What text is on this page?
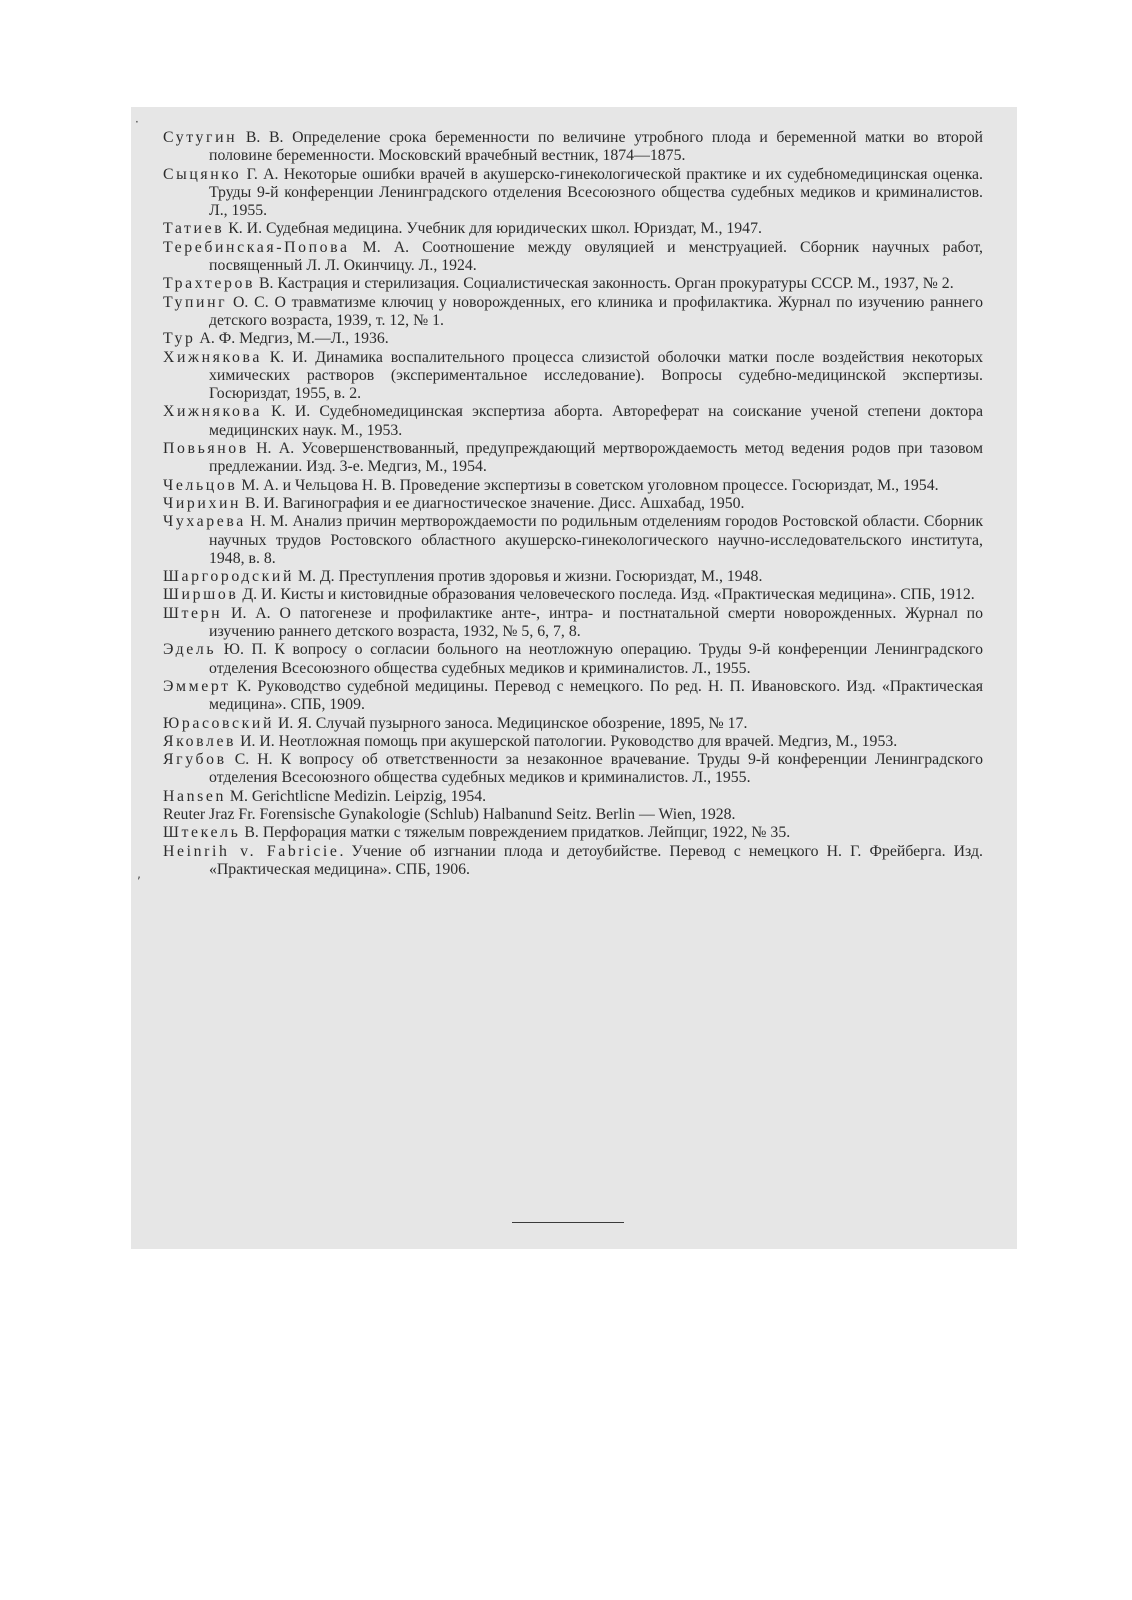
·
‚
Сутугин В. В. Определение срока беременности по величине утробного плода и беременной матки во второй половине беременности. Московский врачебный вестник, 1874—1875.
Сыцянко Г. А. Некоторые ошибки врачей в акушерско-гинекологической практике и их судебномедицинская оценка. Труды 9-й конференции Ленинградского отделения Всесоюзного общества судебных медиков и криминалистов. Л., 1955.
Татиев К. И. Судебная медицина. Учебник для юридических школ. Юриздат, М., 1947.
Теребинская-Попова М. А. Соотношение между овуляцией и менструацией. Сборник научных работ, посвященный Л. Л. Окинчицу. Л., 1924.
Трахтеров В. Кастрация и стерилизация. Социалистическая законность. Орган прокуратуры СССР. М., 1937, № 2.
Тупинг О. С. О травматизме ключиц у новорожденных, его клиника и профилактика. Журнал по изучению раннего детского возраста, 1939, т. 12, № 1.
Тур А. Ф. Медгиз, М.—Л., 1936.
Хижнякова К. И. Динамика воспалительного процесса слизистой оболочки матки после воздействия некоторых химических растворов (экспериментальное исследование). Вопросы судебно-медицинской экспертизы. Госюриздат, 1955, в. 2.
Хижнякова К. И. Судебномедицинская экспертиза аборта. Автореферат на соискание ученой степени доктора медицинских наук. М., 1953.
Повьянов Н. А. Усовершенствованный, предупреждающий мертворождаемость метод ведения родов при тазовом предлежании. Изд. 3-е. Медгиз, М., 1954.
Чельцов М. А. и Чельцова Н. В. Проведение экспертизы в советском уголовном процессе. Госюриздат, М., 1954.
Чирихин В. И. Вагинография и ее диагностическое значение. Дисс. Ашхабад, 1950.
Чухарева Н. М. Анализ причин мертворождаемости по родильным отделениям городов Ростовской области. Сборник научных трудов Ростовского областного акушерско-гинекологического научно-исследовательского института, 1948, в. 8.
Шаргородский М. Д. Преступления против здоровья и жизни. Госюриздат, М., 1948.
Ширшов Д. И. Кисты и кистовидные образования человеческого последа. Изд. «Практическая медицина». СПБ, 1912.
Штерн И. А. О патогенезе и профилактике анте-, интра- и постнатальной смерти новорожденных. Журнал по изучению раннего детского возраста, 1932, № 5, 6, 7, 8.
Эдель Ю. П. К вопросу о согласии больного на неотложную операцию. Труды 9-й конференции Ленинградского отделения Всесоюзного общества судебных медиков и криминалистов. Л., 1955.
Эммерт К. Руководство судебной медицины. Перевод с немецкого. По ред. Н. П. Ивановского. Изд. «Практическая медицина». СПБ, 1909.
Юрасовский И. Я. Случай пузырного заноса. Медицинское обозрение, 1895, № 17.
Яковлев И. И. Неотложная помощь при акушерской патологии. Руководство для врачей. Медгиз, М., 1953.
Ягубов С. Н. К вопросу об ответственности за незаконное врачевание. Труды 9-й конференции Ленинградского отделения Всесоюзного общества судебных медиков и криминалистов. Л., 1955.
Hansen M. Gerichtlicne Medizin. Leipzig, 1954.
Reuter Jraz Fr. Forensische Gynakologie (Schlub) Halbanund Seitz. Berlin — Wien, 1928.
Штекель В. Перфорация матки с тяжелым повреждением придатков. Лейпциг, 1922, № 35.
Heinrih v. Fabricie. Учение об изгнании плода и детоубийстве. Перевод с немецкого Н. Г. Фрейберга. Изд. «Практическая медицина». СПБ, 1906.
